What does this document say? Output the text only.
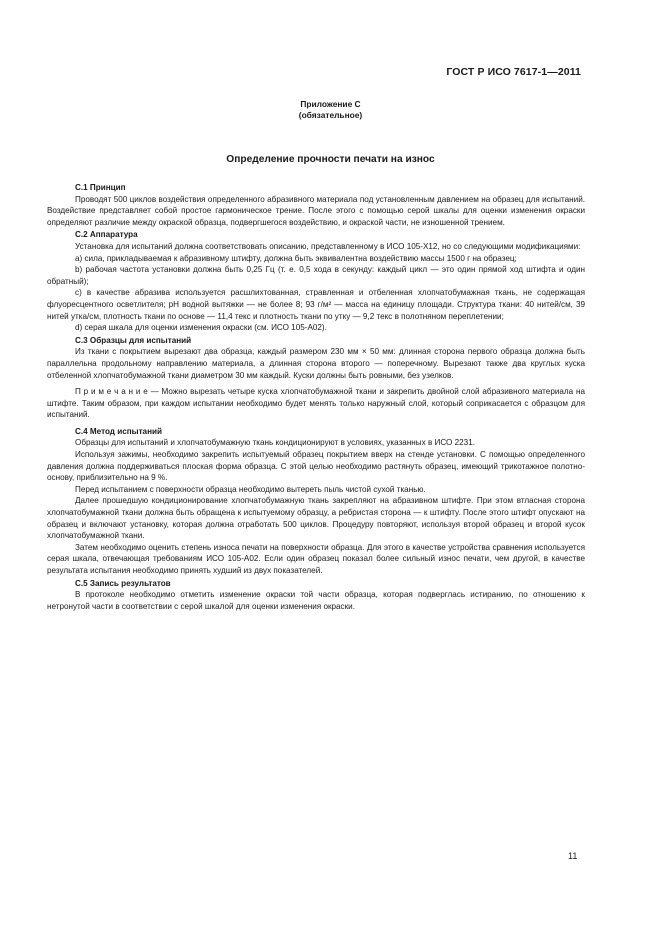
ГОСТ Р ИСО 7617-1—2011
Приложение С
(обязательное)
Определение прочности печати на износ
С.1 Принцип

Проводят 500 циклов воздействия определенного абразивного материала под установленным давлением на образец для испытаний. Воздействие представляет собой простое гармоническое трение. После этого с помощью серой шкалы для оценки изменения окраски определяют различие между окраской образца, подвергшегося воздействию, и окраской части, не изношенной трением.

С.2 Аппаратура

Установка для испытаний должна соответствовать описанию, представленному в ИСО 105-X12, но со следующими модификациями:

a) сила, прикладываемая к абразивному штифту, должна быть эквивалентна воздействию массы 1500 г на образец;

b) рабочая частота установки должна быть 0,25 Гц (т. е. 0,5 хода в секунду: каждый цикл — это один прямой ход штифта и один обратный);

c) в качестве абразива используется расшлихтованная, стравленная и отбеленная хлопчатобумажная ткань, не содержащая флуоресцентного осветлителя; pH водной вытяжки — не более 8; 93 г/м² — масса на единицу площади. Структура ткани: 40 нитей/см, 39 нитей утка/см, плотность ткани по основе — 11,4 текс и плотность ткани по утку — 9,2 текс в полотняном переплетении;

d) серая шкала для оценки изменения окраски (см. ИСО 105-A02).

С.3 Образцы для испытаний

Из ткани с покрытием вырезают два образца, каждый размером 230 мм × 50 мм: длинная сторона первого образца должна быть параллельна продольному направлению материала, а длинная сторона второго — поперечному. Вырезают также два круглых куска отбеленной хлопчатобумажной ткани диаметром 30 мм каждый. Куски должны быть ровными, без узелков.

П р и м е ч а н и е — Можно вырезать четыре куска хлопчатобумажной ткани и закрепить двойной слой абразивного материала на штифте. Таким образом, при каждом испытании необходимо будет менять только наружный слой, который соприкасается с образцом для испытаний.

С.4 Метод испытаний

Образцы для испытаний и хлопчатобумажную ткань кондиционируют в условиях, указанных в ИСО 2231.

Используя зажимы, необходимо закрепить испытуемый образец покрытием вверх на стенде установки. С помощью определенного давления должна поддерживаться плоская форма образца. С этой целью необходимо растянуть образец, имеющий трикотажное полотно-основу, приблизительно на 9 %.

Перед испытанием с поверхности образца необходимо вытереть пыль чистой сухой тканью.

Далее прошедшую кондиционирование хлопчатобумажную ткань закрепляют на абразивном штифте. При этом втласная сторона хлопчатобумажной ткани должна быть обращена к испытуемому образцу, а ребристая сторона — к штифту. После этого штифт опускают на образец и включают установку, которая должна отработать 500 циклов. Процедуру повторяют, используя второй образец и второй кусок хлопчатобумажной ткани.

Затем необходимо оценить степень износа печати на поверхности образца. Для этого в качестве устройства сравнения используется серая шкала, отвечающая требованиям ИСО 105-A02. Если один образец показал более сильный износ печати, чем другой, в качестве результата испытания необходимо принять худший из двух показателей.

С.5 Запись результатов

В протоколе необходимо отметить изменение окраски той части образца, которая подверглась истиранию, по отношению к нетронутой части в соответствии с серой шкалой для оценки изменения окраски.

11
